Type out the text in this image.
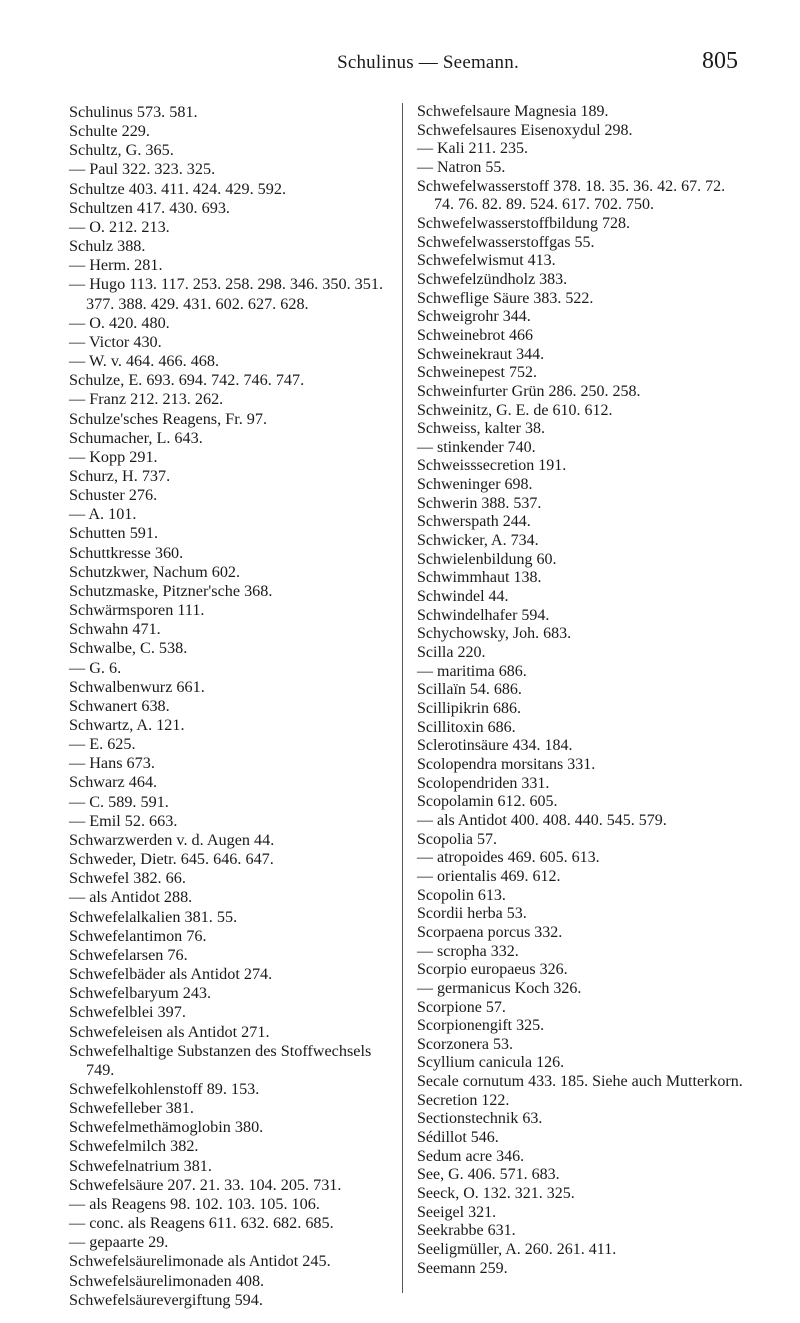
Schulinus — Seemann.	805
Schulinus 573. 581.
Schulte 229.
Schultz, G. 365.
— Paul 322. 323. 325.
Schultze 403. 411. 424. 429. 592.
Schultzen 417. 430. 693.
— O. 212. 213.
Schulz 388.
— Herm. 281.
— Hugo 113. 117. 253. 258. 298. 346. 350. 351. 377. 388. 429. 431. 602. 627. 628.
— O. 420. 480.
— Victor 430.
— W. v. 464. 466. 468.
Schulze, E. 693. 694. 742. 746. 747.
— Franz 212. 213. 262.
Schulze'sches Reagens, Fr. 97.
Schumacher, L. 643.
— Kopp 291.
Schurz, H. 737.
Schuster 276.
— A. 101.
Schutten 591.
Schuttkresse 360.
Schutzkwer, Nachum 602.
Schutzmaske, Pitzner'sche 368.
Schwärmsporen 111.
Schwahn 471.
Schwalbe, C. 538.
— G. 6.
Schwalbenwurz 661.
Schwanert 638.
Schwartz, A. 121.
— E. 625.
— Hans 673.
Schwarz 464.
— C. 589. 591.
— Emil 52. 663.
Schwarzwerden v. d. Augen 44.
Schweder, Dietr. 645. 646. 647.
Schwefel 382. 66.
— als Antidot 288.
Schwefelalkalien 381. 55.
Schwefelantimon 76.
Schwefelarsen 76.
Schwefelbäder als Antidot 274.
Schwefelbaryum 243.
Schwefelblei 397.
Schwefeleisen als Antidot 271.
Schwefelhaltige Substanzen des Stoffwechsels 749.
Schwefelkohlenstoff 89. 153.
Schwefelleber 381.
Schwefelmethämoglobin 380.
Schwefelmilch 382.
Schwefelnatrium 381.
Schwefelsäure 207. 21. 33. 104. 205. 731.
— als Reagens 98. 102. 103. 105. 106.
— conc. als Reagens 611. 632. 682. 685.
— gepaarte 29.
Schwefelsäurelimonade als Antidot 245.
Schwefelsäurelimonaden 408.
Schwefelsäurevergiftung 594.
Schwefelsaure Magnesia 189.
Schwefelsaures Eisenoxydul 298.
— Kali 211. 235.
— Natron 55.
Schwefelwasserstoff 378. 18. 35. 36. 42. 67. 72. 74. 76. 82. 89. 524. 617. 702. 750.
Schwefelwasserstoffbildung 728.
Schwefelwasserstoffgas 55.
Schwefelwismut 413.
Schwefelzündholz 383.
Schweflige Säure 383. 522.
Schweigrohr 344.
Schweinebrot 466
Schweinekraut 344.
Schweinepest 752.
Schweinfurter Grün 286. 250. 258.
Schweinitz, G. E. de 610. 612.
Schweiss, kalter 38.
— stinkender 740.
Schweisssecretion 191.
Schweninger 698.
Schwerin 388. 537.
Schwerspath 244.
Schwicker, A. 734.
Schwielenbildung 60.
Schwimmhaut 138.
Schwindel 44.
Schwindelhafer 594.
Schychowsky, Joh. 683.
Scilla 220.
— maritima 686.
Scillaïn 54. 686.
Scillipikrin 686.
Scillitoxin 686.
Sclerotinsäure 434. 184.
Scolopendra morsitans 331.
Scolopendriden 331.
Scopolamin 612. 605.
— als Antidot 400. 408. 440. 545. 579.
Scopolia 57.
— atropoides 469. 605. 613.
— orientalis 469. 612.
Scopolin 613.
Scordii herba 53.
Scorpaena porcus 332.
— scropha 332.
Scorpio europaeus 326.
— germanicus Koch 326.
Scorpione 57.
Scorpionengift 325.
Scorzonera 53.
Scyllium canicula 126.
Secale cornutum 433. 185. Siehe auch Mutterkorn.
Secretion 122.
Sectionstechnik 63.
Sédillot 546.
Sedum acre 346.
See, G. 406. 571. 683.
Seeck, O. 132. 321. 325.
Seeigel 321.
Seekrabbe 631.
Seeligmüller, A. 260. 261. 411.
Seemann 259.
